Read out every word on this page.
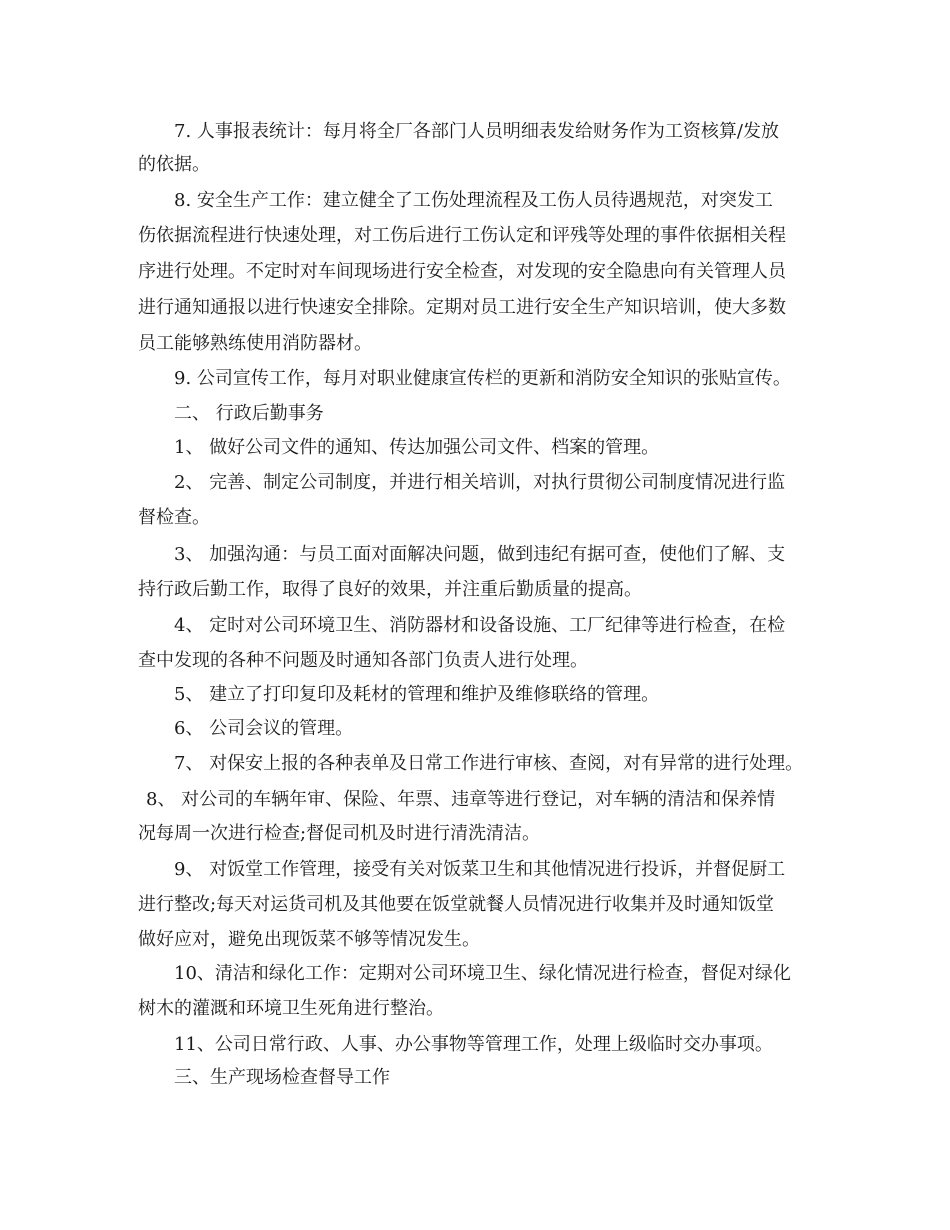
7. 人事报表统计：每月将全厂各部门人员明细表发给财务作为工资核算/发放
的依据。
8. 安全生产工作：建立健全了工伤处理流程及工伤人员待遇规范，对突发工
伤依据流程进行快速处理，对工伤后进行工伤认定和评残等处理的事件依据相关程
序进行处理。不定时对车间现场进行安全检查，对发现的安全隐患向有关管理人员
进行通知通报以进行快速安全排除。定期对员工进行安全生产知识培训，使大多数
员工能够熟练使用消防器材。
9. 公司宣传工作，每月对职业健康宣传栏的更新和消防安全知识的张贴宣传。
二、 行政后勤事务
1、 做好公司文件的通知、传达加强公司文件、档案的管理。
2、 完善、制定公司制度，并进行相关培训，对执行贯彻公司制度情况进行监
督检查。
3、 加强沟通：与员工面对面解决问题，做到违纪有据可查，使他们了解、支
持行政后勤工作，取得了良好的效果，并注重后勤质量的提高。
4、 定时对公司环境卫生、消防器材和设备设施、工厂纪律等进行检查，在检
查中发现的各种不问题及时通知各部门负责人进行处理。
5、 建立了打印复印及耗材的管理和维护及维修联络的管理。
6、 公司会议的管理。
7、 对保安上报的各种表单及日常工作进行审核、查阅，对有异常的进行处理。
8、 对公司的车辆年审、保险、年票、违章等进行登记，对车辆的清洁和保养情
况每周一次进行检查;督促司机及时进行清洗清洁。
9、 对饭堂工作管理，接受有关对饭菜卫生和其他情况进行投诉，并督促厨工
进行整改;每天对运货司机及其他要在饭堂就餐人员情况进行收集并及时通知饭堂
做好应对，避免出现饭菜不够等情况发生。
10、清洁和绿化工作：定期对公司环境卫生、绿化情况进行检查，督促对绿化
树木的灌溉和环境卫生死角进行整治。
11、公司日常行政、人事、办公事物等管理工作，处理上级临时交办事项。
三、生产现场检查督导工作
